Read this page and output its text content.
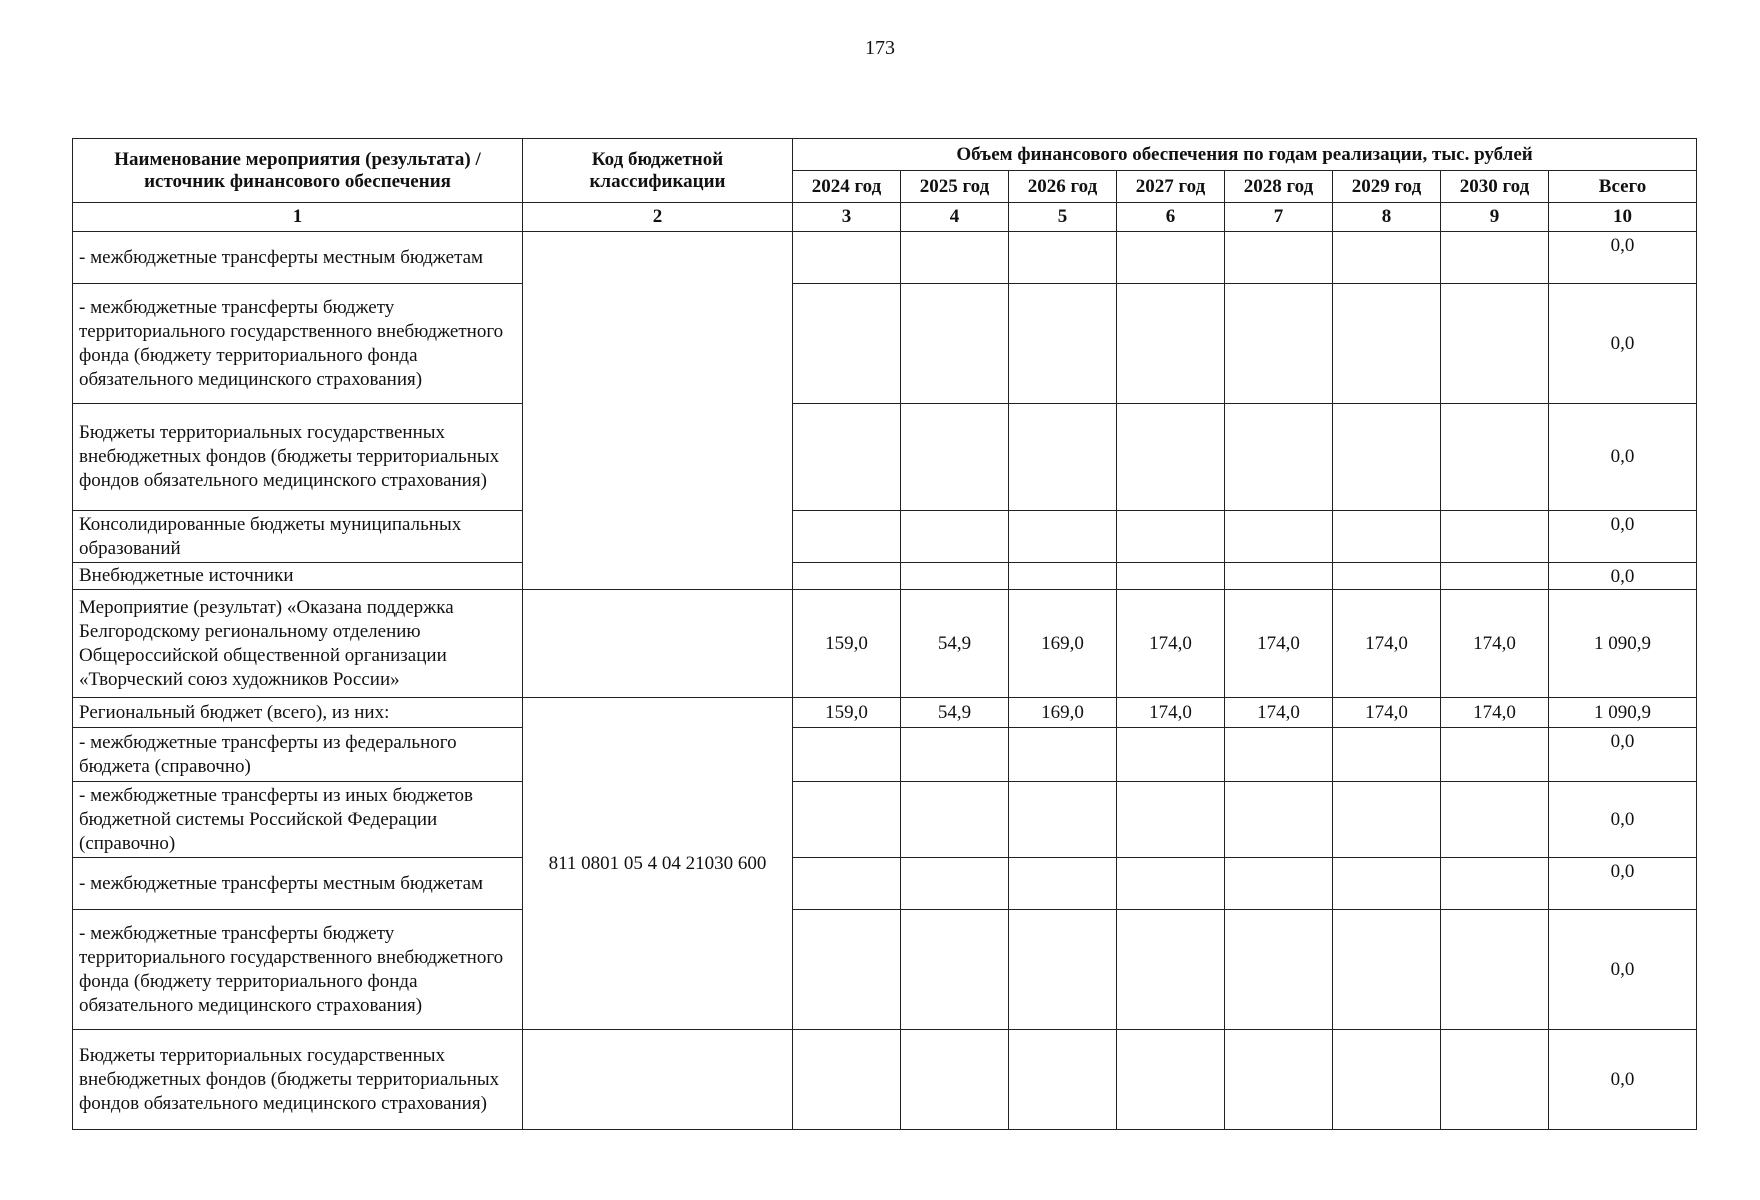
173
Наименование мероприятия (результата) / источник финансового обеспечения	Код бюджетной классификации	Объем финансового обеспечения по годам реализации, тыс. рублей							
		2024 год	2025 год	2026 год	2027 год	2028 год	2029 год	2030 год	Всего
1	2	3	4	5	6	7	8	9	10
- межбюджетные трансферты местным бюджетам									0,0
- межбюджетные трансферты бюджету территориального государственного внебюджетного фонда (бюджету территориального фонда обязательного медицинского страхования)									0,0
Бюджеты территориальных государственных внебюджетных фондов (бюджеты территориальных фондов обязательного медицинского страхования)									0,0
Консолидированные бюджеты муниципальных образований									0,0
Внебюджетные источники									0,0
Мероприятие (результат) «Оказана поддержка Белгородскому региональному отделению Общероссийской общественной организации «Творческий союз художников России»		159,0	54,9	169,0	174,0	174,0	174,0	174,0	1 090,9
Региональный бюджет (всего), из них:	811 0801 05 4 04 21030 600	159,0	54,9	169,0	174,0	174,0	174,0	174,0	1 090,9
- межбюджетные трансферты из федерального бюджета (справочно)									0,0
- межбюджетные трансферты из иных бюджетов бюджетной системы Российской Федерации (справочно)									0,0
- межбюджетные трансферты местным бюджетам									0,0
- межбюджетные трансферты бюджету территориального государственного внебюджетного фонда (бюджету территориального фонда обязательного медицинского страхования)									0,0
Бюджеты территориальных государственных внебюджетных фондов (бюджеты территориальных фондов обязательного медицинского страхования)									0,0
